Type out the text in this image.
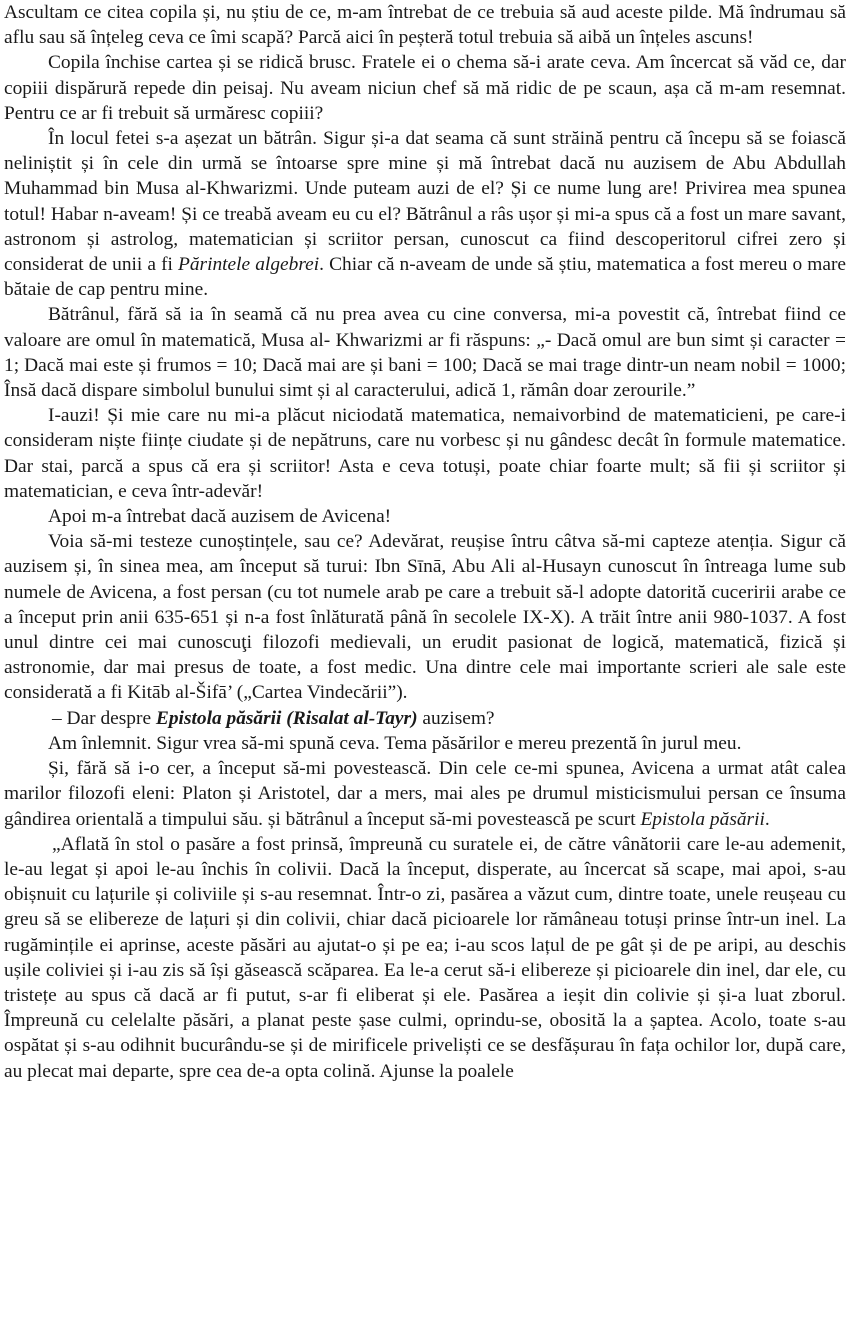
Ascultam ce citea copila și, nu știu de ce, m-am întrebat de ce trebuia să aud aceste pilde. Mă îndrumau să aflu sau să înțeleg ceva ce îmi scapă? Parcă aici în peșteră totul trebuia să aibă un înțeles ascuns!

Copila închise cartea și se ridică brusc. Fratele ei o chema să-i arate ceva. Am încercat să văd ce, dar copiii dispărură repede din peisaj. Nu aveam niciun chef să mă ridic de pe scaun, așa că m-am resemnat. Pentru ce ar fi trebuit să urmăresc copiii?

În locul fetei s-a așezat un bătrân. Sigur și-a dat seama că sunt străină pentru că începu să se foiască neliniștit și în cele din urmă se întoarse spre mine și mă întrebat dacă nu auzisem de Abu Abdullah Muhammad bin Musa al-Khwarizmi. Unde puteam auzi de el? Și ce nume lung are! Privirea mea spunea totul! Habar n-aveam! Și ce treabă aveam eu cu el? Bătrânul a râs ușor și mi-a spus că a fost un mare savant, astronom și astrolog, matematician și scriitor persan, cunoscut ca fiind descoperitorul cifrei zero și considerat de unii a fi Părintele algebrei. Chiar că n-aveam de unde să știu, matematica a fost mereu o mare bătaie de cap pentru mine.

Bătrânul, fără să ia în seamă că nu prea avea cu cine conversa, mi-a povestit că, întrebat fiind ce valoare are omul în matematică, Musa al- Khwarizmi ar fi răspuns: „- Dacă omul are bun simt și caracter = 1; Dacă mai este și frumos = 10; Dacă mai are și bani = 100; Dacă se mai trage dintr-un neam nobil = 1000; Însă dacă dispare simbolul bunului simt și al caracterului, adică 1, rămân doar zerourile.”

I-auzi! Și mie care nu mi-a plăcut niciodată matematica, nemaivorbind de matematicieni, pe care-i consideram niște ființe ciudate și de nepătruns, care nu vorbesc și nu gândesc decât în formule matematice. Dar stai, parcă a spus că era și scriitor! Asta e ceva totuși, poate chiar foarte mult; să fii și scriitor și matematician, e ceva într-adevăr!

Apoi m-a întrebat dacă auzisem de Avicena!

Voia să-mi testeze cunoștințele, sau ce? Adevărat, reușise întru câtva să-mi capteze atenția. Sigur că auzisem și, în sinea mea, am început să turui: Ibn Sīnā, Abu Ali al-Husayn cunoscut în întreaga lume sub numele de Avicena, a fost persan (cu tot numele arab pe care a trebuit să-l adopte datorită cuceririi arabe ce a început prin anii 635-651 și n-a fost înlăturată până în secolele IX-X). A trăit între anii 980-1037. A fost unul dintre cei mai cunoscuţi filozofi medievali, un erudit pasionat de logică, matematică, fizică și astronomie, dar mai presus de toate, a fost medic. Una dintre cele mai importante scrieri ale sale este considerată a fi Kitāb al-Šifā’ („Cartea Vindecării”).

– Dar despre Epistola păsării (Risalat al-Tayr) auzisem?

Am înlemnit. Sigur vrea să-mi spună ceva. Tema păsărilor e mereu prezentă în jurul meu.

Și, fără să i-o cer, a început să-mi povestească. Din cele ce-mi spunea, Avicena a urmat atât calea marilor filozofi eleni: Platon și Aristotel, dar a mers, mai ales pe drumul misticismului persan ce însuma gândirea orientală a timpului său. și bătrânul a început să-mi povestească pe scurt Epistola păsării.

„Aflată în stol o pasăre a fost prinsă, împreună cu suratele ei, de către vânătorii care le-au ademenit, le-au legat și apoi le-au închis în colivii. Dacă la început, disperate, au încercat să scape, mai apoi, s-au obișnuit cu lațurile și coliviile și s-au resemnat. Într-o zi, pasărea a văzut cum, dintre toate, unele reușeau cu greu să se elibereze de lațuri și din colivii, chiar dacă picioarele lor rămâneau totuși prinse într-un inel. La rugămințile ei aprinse, aceste păsări au ajutat-o și pe ea; i-au scos lațul de pe gât și de pe aripi, au deschis ușile coliviei și i-au zis să își găsească scăparea. Ea le-a cerut să-i elibereze și picioarele din inel, dar ele, cu tristețe au spus că dacă ar fi putut, s-ar fi eliberat și ele. Pasărea a ieșit din colivie și și-a luat zborul. Împreună cu celelalte păsări, a planat peste șase culmi, oprindu-se, obosită la a șaptea. Acolo, toate s-au ospătat și s-au odihnit bucurându-se și de mirificele priveliști ce se desfășurau în fața ochilor lor, după care, au plecat mai departe, spre cea de-a opta colină. Ajunse la poalele
